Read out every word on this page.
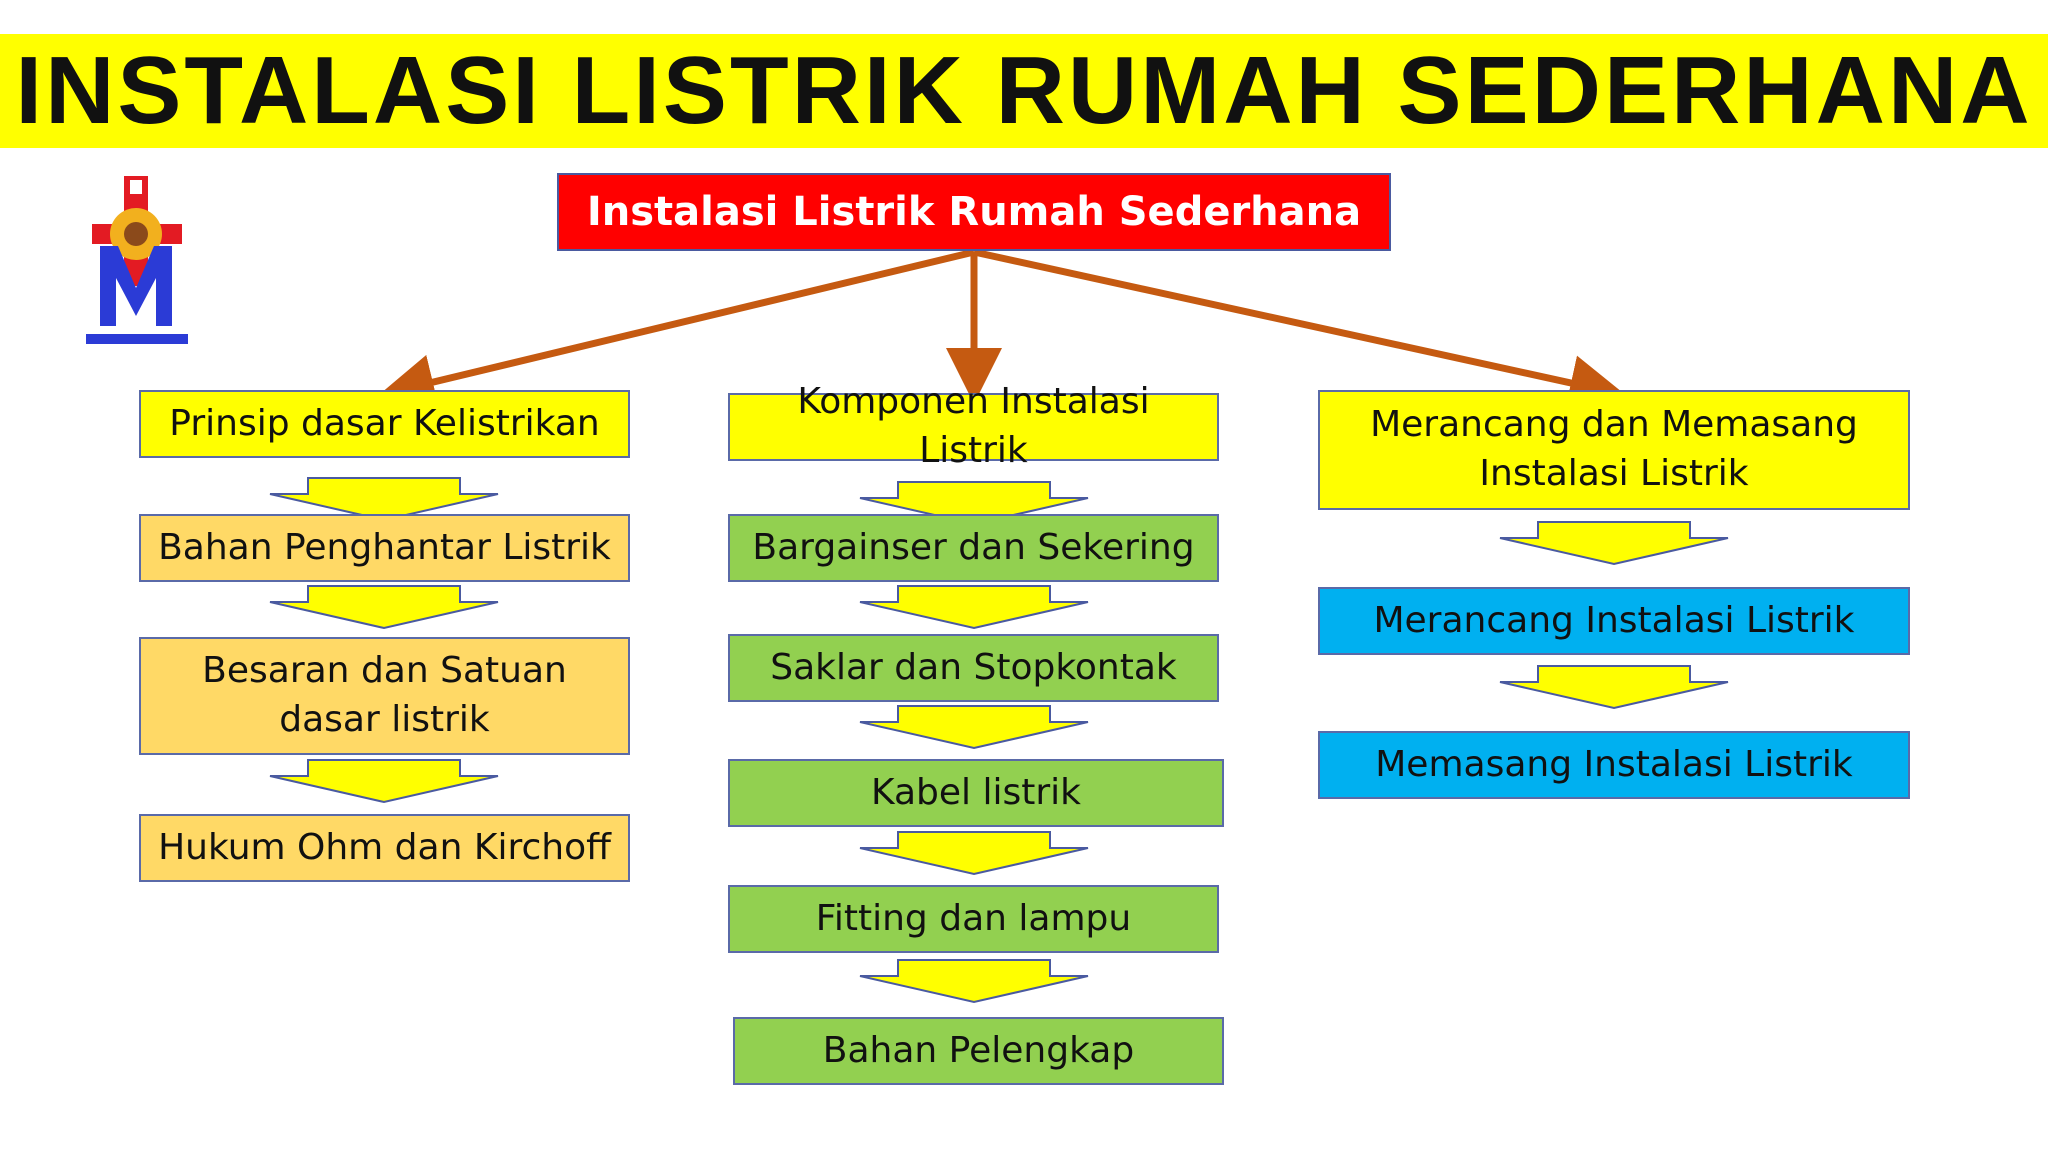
INSTALASI LISTRIK RUMAH SEDERHANA
Instalasi Listrik Rumah Sederhana
Prinsip dasar Kelistrikan
Bahan Penghantar Listrik
Besaran dan Satuan dasar listrik
Hukum Ohm dan Kirchoff
Komponen Instalasi Listrik
Bargainser dan Sekering
Saklar dan Stopkontak
Kabel listrik
Fitting dan lampu
Bahan Pelengkap
Merancang dan Memasang Instalasi Listrik
Merancang Instalasi Listrik
Memasang Instalasi Listrik
